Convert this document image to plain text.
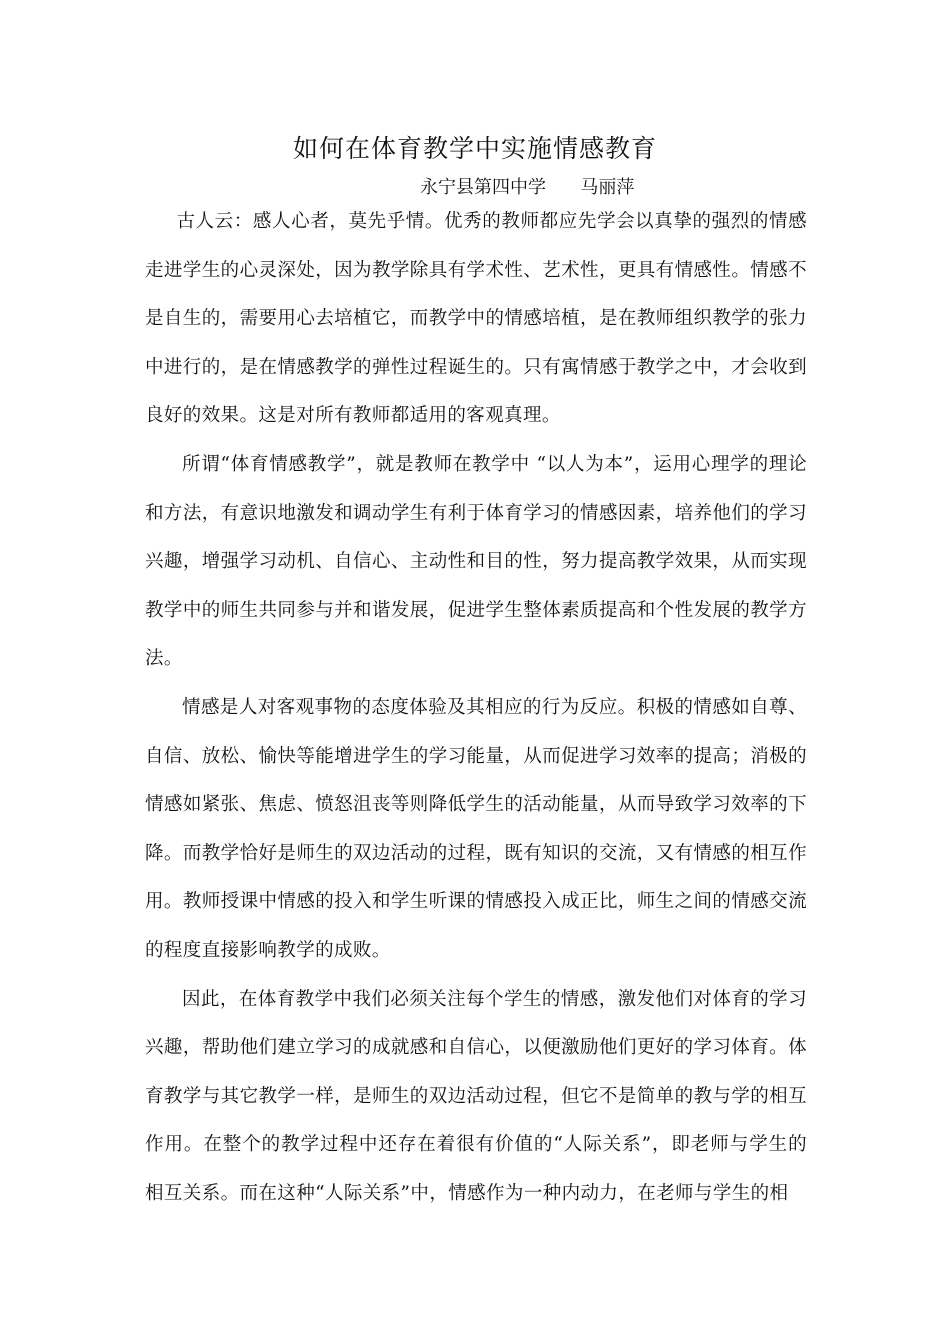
如何在体育教学中实施情感教育
永宁县第四中学      马丽萍

古人云：感人心者，莫先乎情。优秀的教师都应先学会以真挚的强烈的情感走进学生的心灵深处，因为教学除具有学术性、艺术性，更具有情感性。情感不是自生的，需要用心去培植它，而教学中的情感培植，是在教师组织教学的张力中进行的，是在情感教学的弹性过程诞生的。只有寓情感于教学之中，才会收到良好的效果。这是对所有教师都适用的客观真理。

所谓“体育情感教学”，就是教师在教学中 “以人为本”，运用心理学的理论和方法，有意识地激发和调动学生有利于体育学习的情感因素，培养他们的学习兴趣，增强学习动机、自信心、主动性和目的性，努力提高教学效果，从而实现教学中的师生共同参与并和谐发展，促进学生整体素质提高和个性发展的教学方法。

情感是人对客观事物的态度体验及其相应的行为反应。积极的情感如自尊、自信、放松、愉快等能增进学生的学习能量，从而促进学习效率的提高；消极的情感如紧张、焦虑、愤怒沮丧等则降低学生的活动能量，从而导致学习效率的下降。而教学恰好是师生的双边活动的过程，既有知识的交流，又有情感的相互作用。教师授课中情感的投入和学生听课的情感投入成正比，师生之间的情感交流的程度直接影响教学的成败。

因此，在体育教学中我们必须关注每个学生的情感，激发他们对体育的学习兴趣，帮助他们建立学习的成就感和自信心，以便激励他们更好的学习体育。体育教学与其它教学一样，是师生的双边活动过程，但它不是简单的教与学的相互作用。在整个的教学过程中还存在着很有价值的“人际关系”，即老师与学生的相互关系。而在这种“人际关系”中，情感作为一种内动力，在老师与学生的相
